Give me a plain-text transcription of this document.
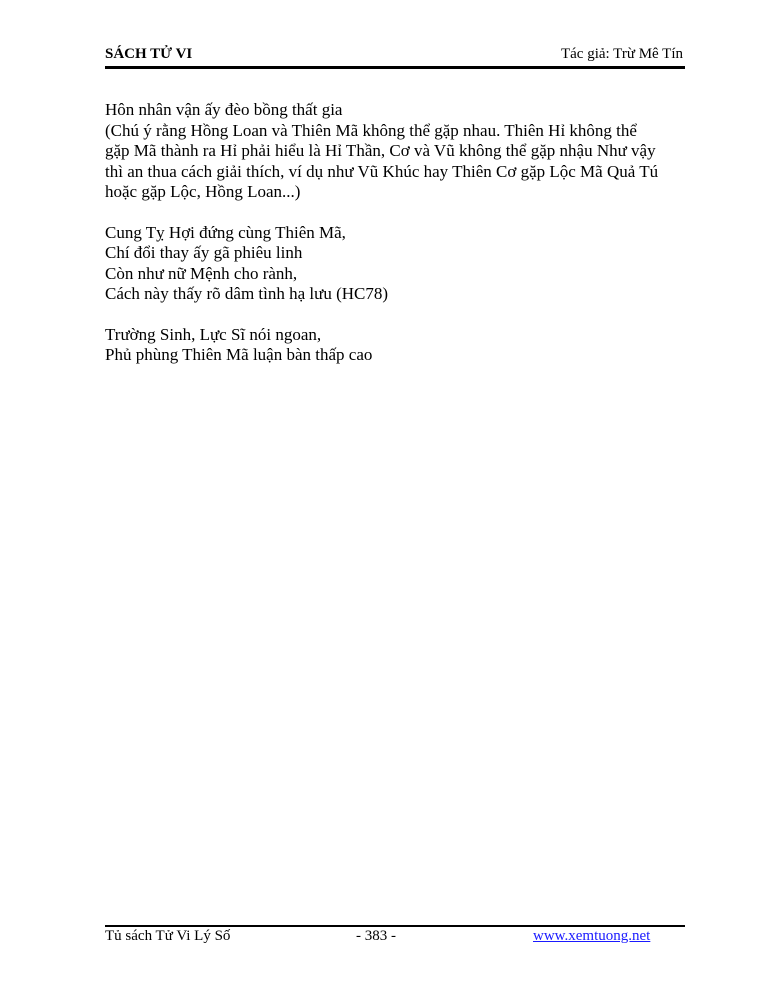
SÁCH TỬ VI	Tác giả: Trừ Mê Tín
Hôn nhân vận ấy đèo bồng thất gia
(Chú ý rằng Hồng Loan và Thiên Mã không thể gặp nhau. Thiên Hỉ không thể
gặp Mã thành ra Hỉ phải hiểu là Hỉ Thần, Cơ và Vũ không thể gặp nhậu Như vậy
thì an thua cách giải thích, ví dụ như Vũ Khúc hay Thiên Cơ gặp Lộc Mã Quả Tú
hoặc gặp Lộc, Hồng Loan...)
Cung Tỵ Hợi đứng cùng Thiên Mã,
Chí đổi thay ấy gã phiêu linh
Còn như nữ Mệnh cho rành,
Cách này thấy rõ dâm tình hạ lưu (HC78)
Trường Sinh, Lực Sĩ nói ngoan,
Phủ phùng Thiên Mã luận bàn thấp cao
Tủ sách Tử Vi Lý Số	- 383 -	www.xemtuong.net
